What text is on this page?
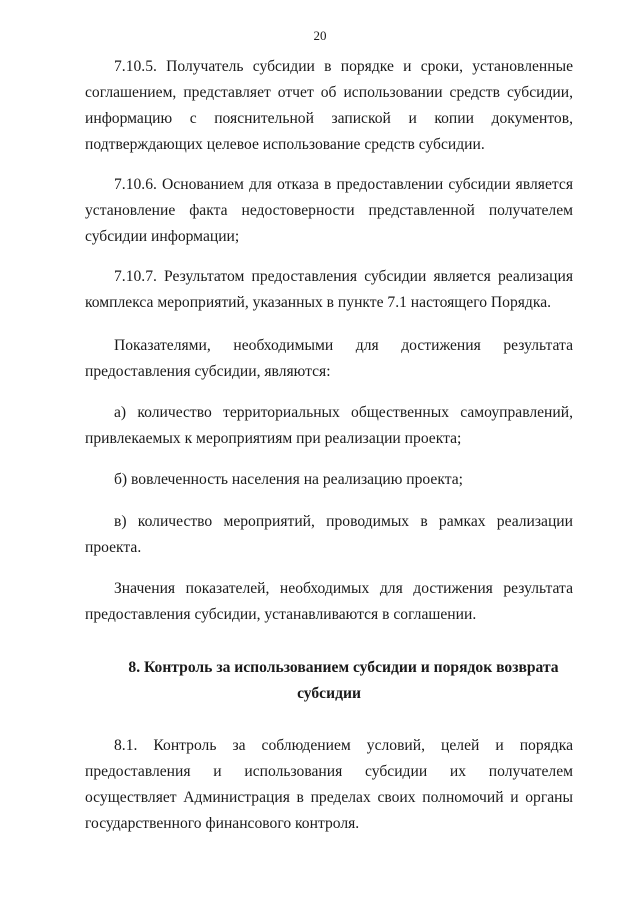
20

7.10.5. Получатель субсидии в порядке и сроки, установленные соглашением, представляет отчет об использовании средств субсидии, информацию с пояснительной запиской и копии документов, подтверждающих целевое использование средств субсидии.

7.10.6. Основанием для отказа в предоставлении субсидии является установление факта недостоверности представленной получателем субсидии информации;

7.10.7. Результатом предоставления субсидии является реализация комплекса мероприятий, указанных в пункте 7.1 настоящего Порядка.

Показателями, необходимыми для достижения результата предоставления субсидии, являются:

а) количество территориальных общественных самоуправлений, привлекаемых к мероприятиям при реализации проекта;

б) вовлеченность населения на реализацию проекта;

в) количество мероприятий, проводимых в рамках реализации проекта.

Значения показателей, необходимых для достижения результата предоставления субсидии, устанавливаются в соглашении.

8. Контроль за использованием субсидии и порядок возврата
субсидии

8.1. Контроль за соблюдением условий, целей и порядка предоставления и использования субсидии их получателем осуществляет Администрация в пределах своих полномочий и органы государственного финансового контроля.
